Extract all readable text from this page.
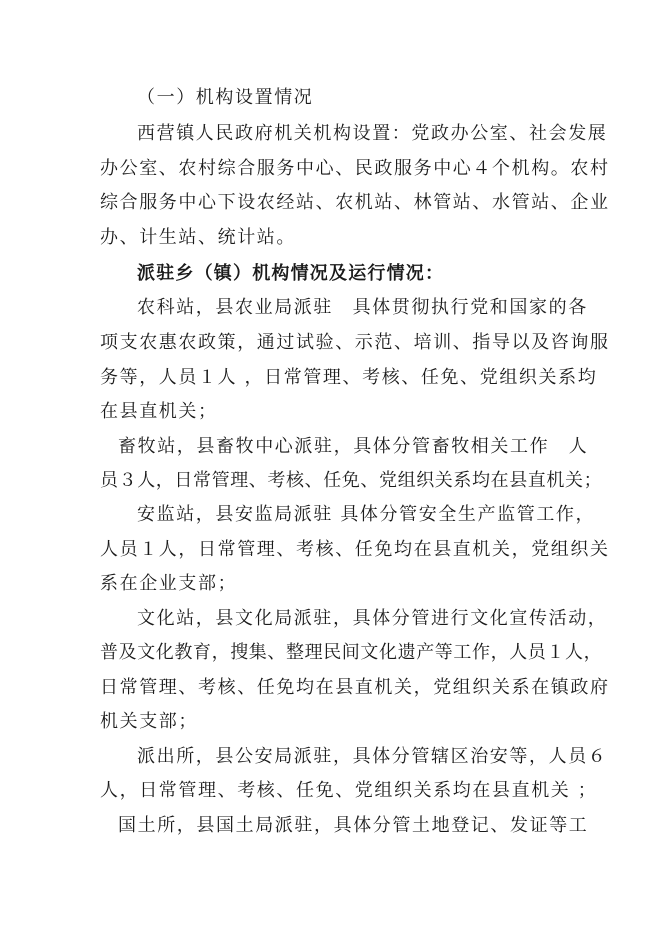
（一）机构设置情况
西营镇人民政府机关机构设置：党政办公室、社会发展
办公室、农村综合服务中心、民政服务中心４个机构。农村
综合服务中心下设农经站、农机站、林管站、水管站、企业
办、计生站、统计站。
派驻乡（镇）机构情况及运行情况：
农科站，县农业局派驻　具体贯彻执行党和国家的各
项支农惠农政策，通过试验、示范、培训、指导以及咨询服
务等，人员１人 ，日常管理、考核、任免、党组织关系均
在县直机关；
畜牧站，县畜牧中心派驻，具体分管畜牧相关工作　人
员３人，日常管理、考核、任免、党组织关系均在县直机关；
安监站，县安监局派驻 具体分管安全生产监管工作，
人员１人，日常管理、考核、任免均在县直机关，党组织关
系在企业支部；
文化站，县文化局派驻，具体分管进行文化宣传活动，
普及文化教育，搜集、整理民间文化遗产等工作，人员１人，
日常管理、考核、任免均在县直机关，党组织关系在镇政府
机关支部；
派出所，县公安局派驻，具体分管辖区治安等，人员６
人，日常管理、考核、任免、党组织关系均在县直机关 ；
国土所，县国土局派驻，具体分管土地登记、发证等工
